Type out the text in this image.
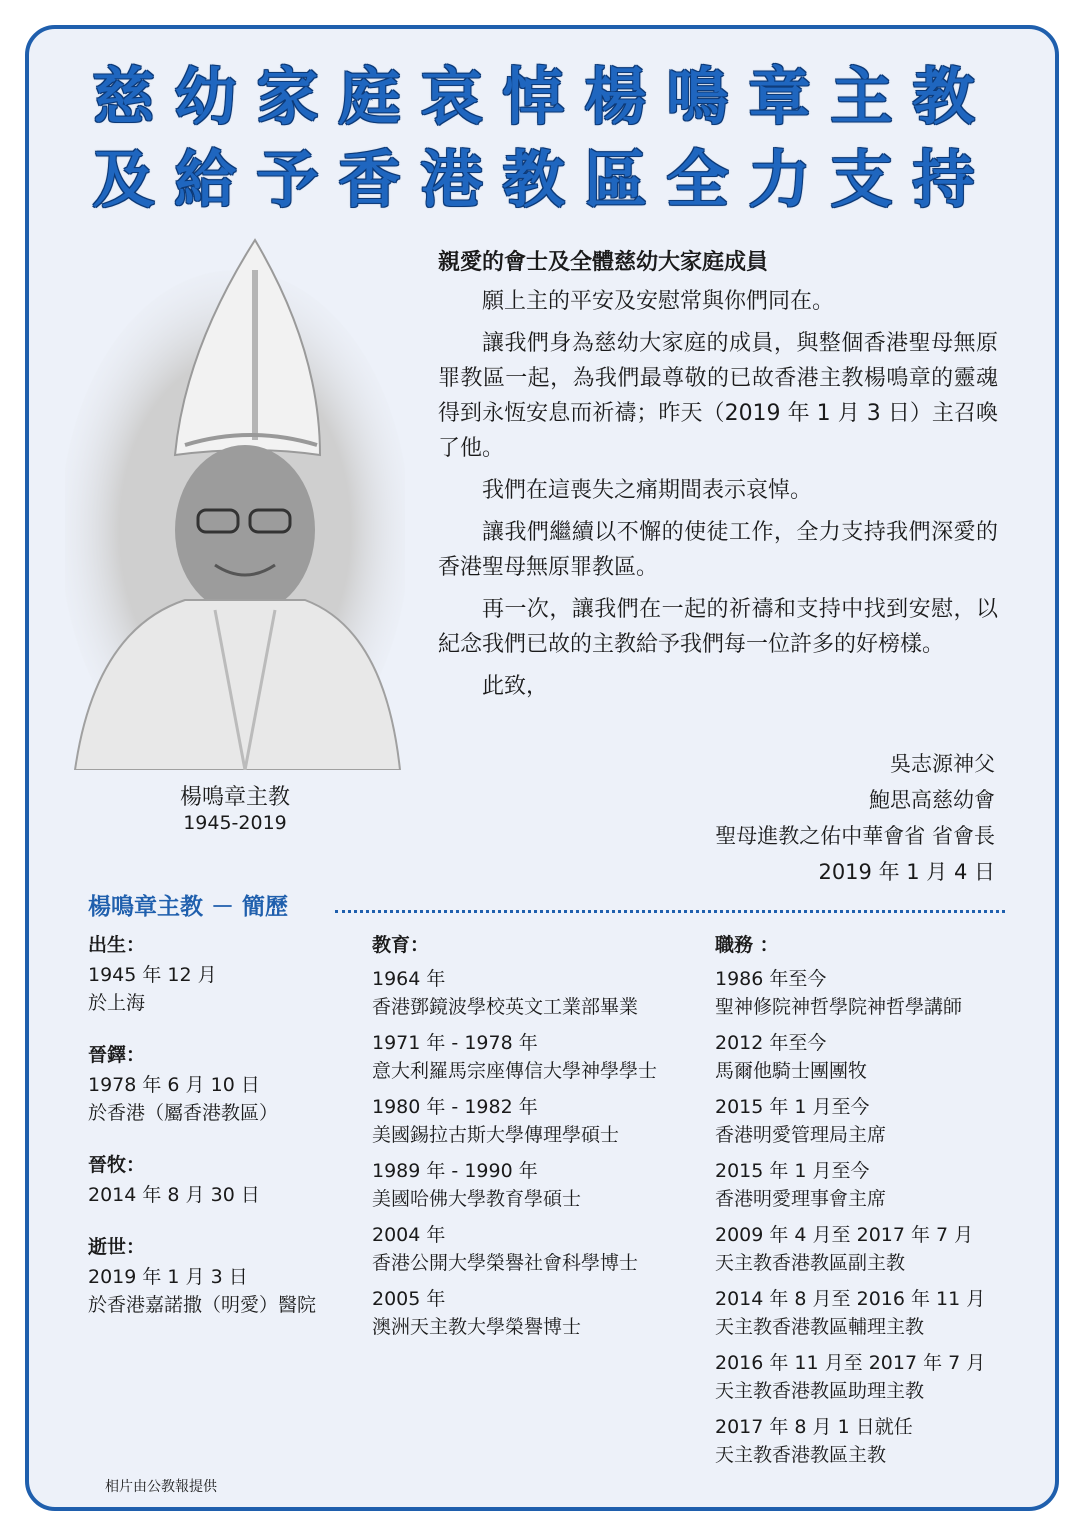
慈幼家庭哀悼楊鳴章主教
及給予香港教區全力支持
楊鳴章主教
1945-2019
親愛的會士及全體慈幼大家庭成員

願上主的平安及安慰常與你們同在。

讓我們身為慈幼大家庭的成員，與整個香港聖母無原罪教區一起，為我們最尊敬的已故香港主教楊鳴章的靈魂得到永恆安息而祈禱；昨天（2019 年 1 月 3 日）主召喚了他。

我們在這喪失之痛期間表示哀悼。

讓我們繼續以不懈的使徒工作，全力支持我們深愛的香港聖母無原罪教區。

再一次，讓我們在一起的祈禱和支持中找到安慰，以紀念我們已故的主教給予我們每一位許多的好榜樣。

此致，

吳志源神父
鮑思高慈幼會
聖母進教之佑中華會省 省會長
2019 年 1 月 4 日
楊鳴章主教 － 簡歷
出生：
1945 年 12 月
於上海
晉鐸：
1978 年 6 月 10 日
於香港（屬香港教區）
晉牧：
2014 年 8 月 30 日
逝世：
2019 年 1 月 3 日
於香港嘉諾撒（明愛）醫院
教育：
1964 年
香港鄧鏡波學校英文工業部畢業
1971 年 - 1978 年
意大利羅馬宗座傳信大學神學學士
1980 年 - 1982 年
美國錫拉古斯大學傳理學碩士
1989 年 - 1990 年
美國哈佛大學教育學碩士
2004 年
香港公開大學榮譽社會科學博士
2005 年
澳洲天主教大學榮譽博士
職務 ：
1986 年至今
聖神修院神哲學院神哲學講師
2012 年至今
馬爾他騎士團團牧
2015 年 1 月至今
香港明愛管理局主席
2015 年 1 月至今
香港明愛理事會主席
2009 年 4 月至 2017 年 7 月
天主教香港教區副主教
2014 年 8 月至 2016 年 11 月
天主教香港教區輔理主教
2016 年 11 月至 2017 年 7 月
天主教香港教區助理主教
2017 年 8 月 1 日就任
天主教香港教區主教
相片由公教報提供
